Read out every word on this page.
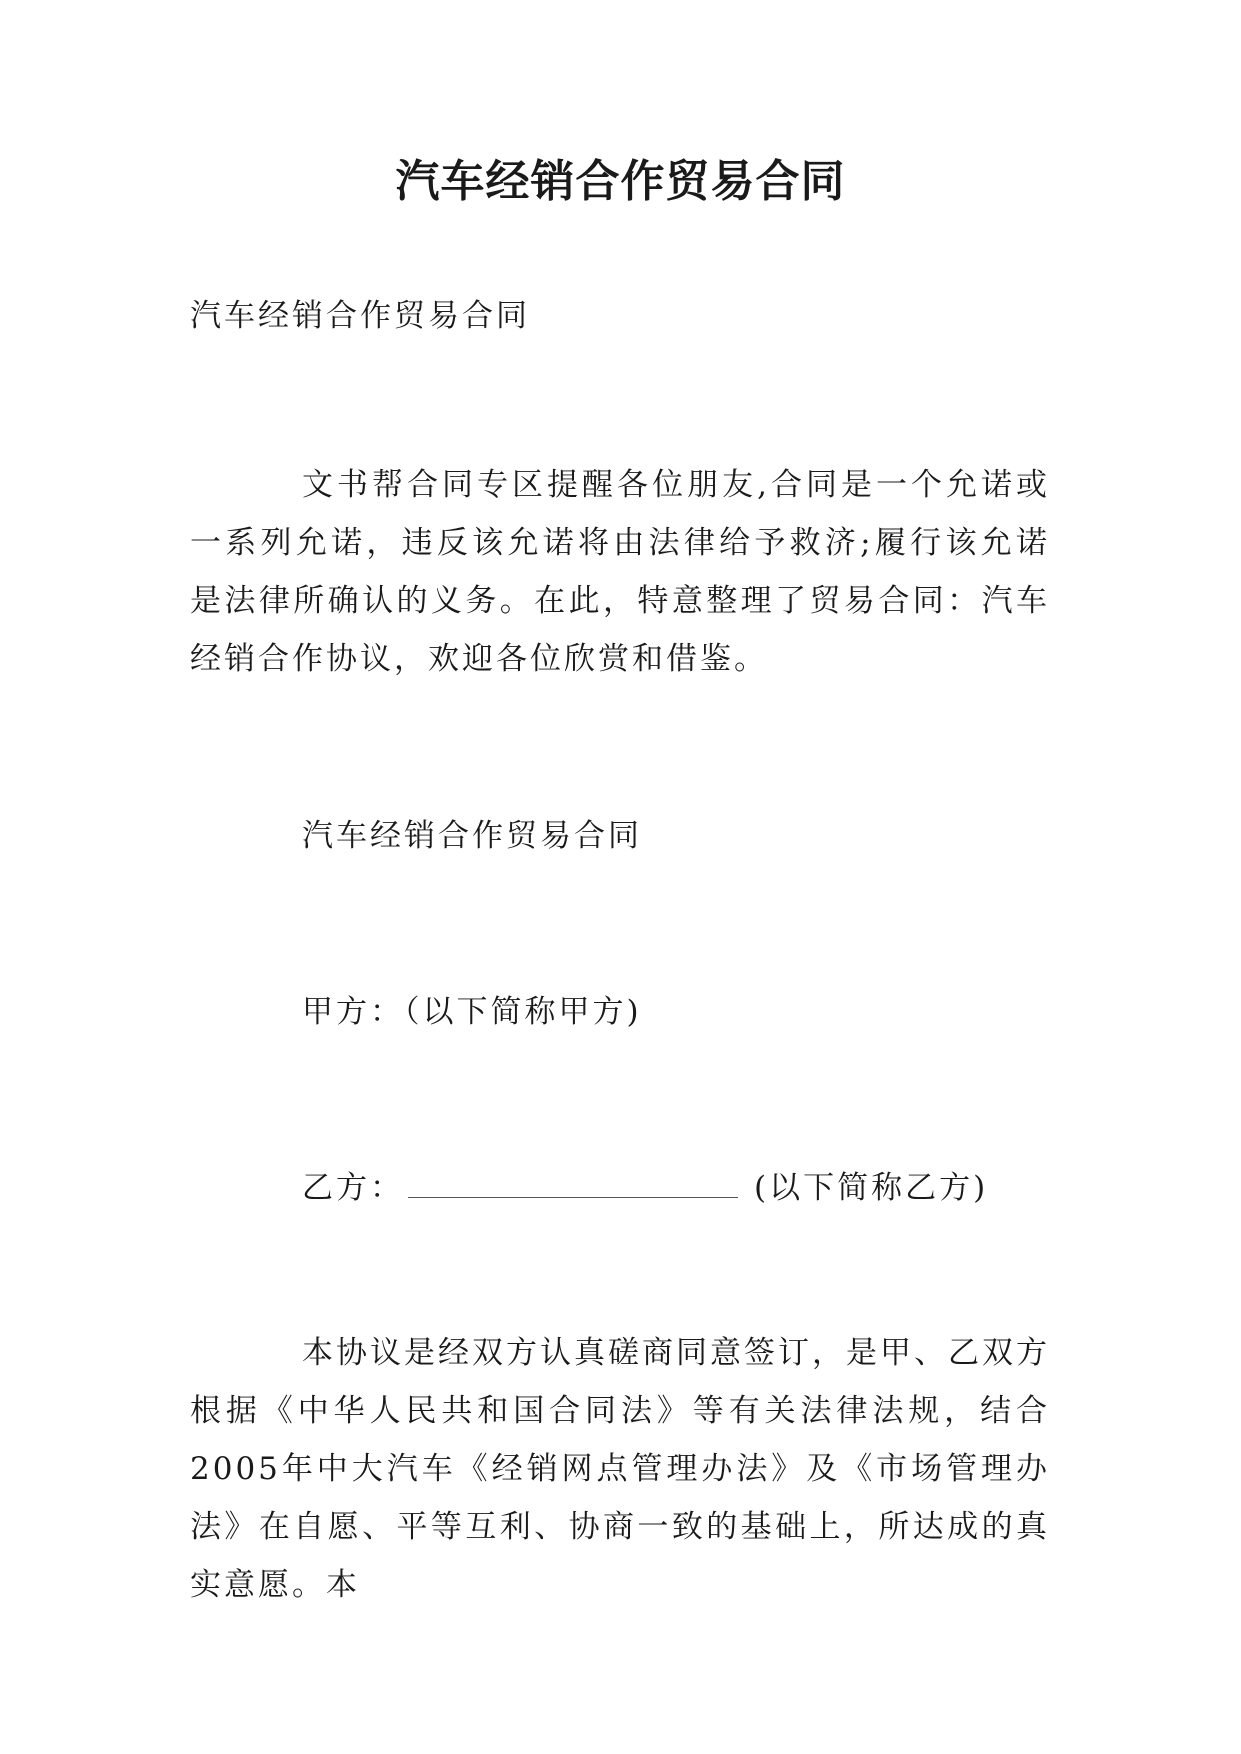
汽车经销合作贸易合同
汽车经销合作贸易合同
文书帮合同专区提醒各位朋友,合同是一个允诺或一系列允诺，违反该允诺将由法律给予救济;履行该允诺是法律所确认的义务。在此，特意整理了贸易合同：汽车经销合作协议，欢迎各位欣赏和借鉴。
汽车经销合作贸易合同
甲方：（以下简称甲方)
乙方：	(以下简称乙方)
本协议是经双方认真磋商同意签订，是甲、乙双方根据《中华人民共和国合同法》等有关法律法规，结合2005年中大汽车《经销网点管理办法》及《市场管理办法》在自愿、平等互利、协商一致的基础上，所达成的真实意愿。本
